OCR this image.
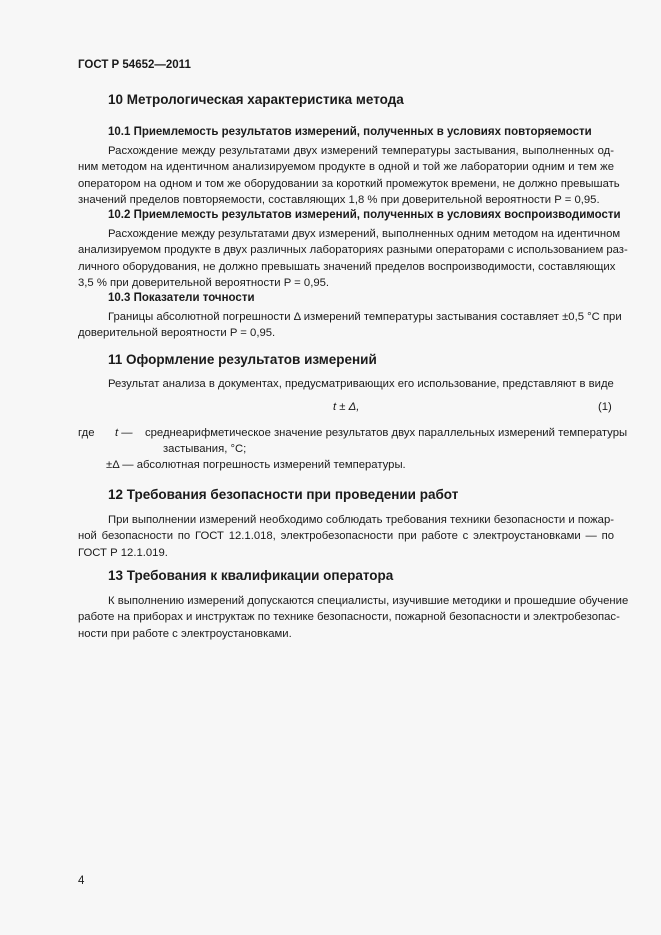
ГОСТ Р 54652—2011
10 Метрологическая характеристика метода
10.1 Приемлемость результатов измерений, полученных в условиях повторяемости

Расхождение между результатами двух измерений температуры застывания, выполненных од- ним методом на идентичном анализируемом продукте в одной и той же лаборатории одним и тем же оператором на одном и том же оборудовании за короткий промежуток времени, не должно превышать значений пределов повторяемости, составляющих 1,8 % при доверительной вероятности P = 0,95.

10.2 Приемлемость результатов измерений, полученных в условиях воспроизводимости

Расхождение между результатами двух измерений, выполненных одним методом на идентичном анализируемом продукте в двух различных лабораториях разными операторами с использованием раз- личного оборудования, не должно превышать значений пределов воспроизводимости, составляющих 3,5 % при доверительной вероятности P = 0,95.

10.3 Показатели точности

Границы абсолютной погрешности Δ измерений температуры застывания составляет ±0,5 °С при доверительной вероятности P = 0,95.

11 Оформление результатов измерений
Результат анализа в документах, предусматривающих его использование, представляют в виде
t ± Δ,	(1)
где t — среднеарифметическое значение результатов двух параллельных измерений температуры
застывания, °С;
±Δ — абсолютная погрешность измерений температуры.
12 Требования безопасности при проведении работ

При выполнении измерений необходимо соблюдать требования техники безопасности и пожар- ной безопасности по ГОСТ 12.1.018, электробезопасности при работе с электроустановками — по ГОСТ Р 12.1.019.

13 Требования к квалификации оператора

К выполнению измерений допускаются специалисты, изучившие методики и прошедшие обучение работе на приборах и инструктаж по технике безопасности, пожарной безопасности и электробезопас- ности при работе с электроустановками.

4
